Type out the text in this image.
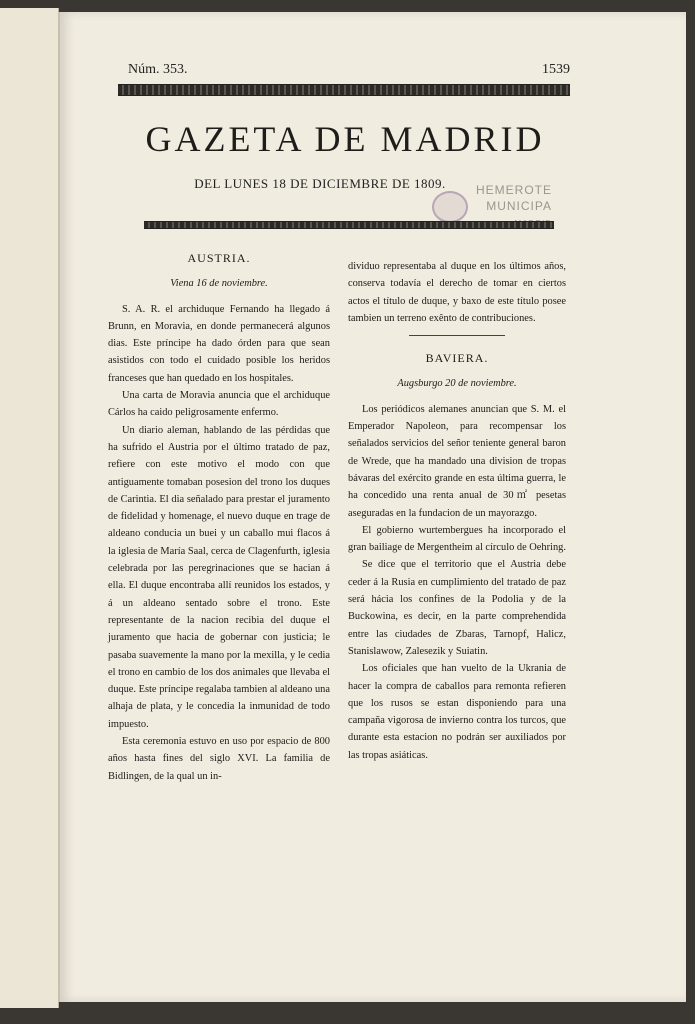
Núm. 353.	1539
GAZETA DE MADRID
DEL LUNES 18 DE DICIEMBRE DE 1809.	HEMEROTE
MUNICIPA
AUSTRIA.
Viena 16 de noviembre.

S. A. R. el archiduque Fernando ha llegado á Brunn, en Moravia, en donde permanecerá algunos dias. Este príncipe ha dado órden para que sean asistidos con todo el cuidado posible los heridos franceses que han quedado en los hospitales.

Una carta de Moravia anuncia que el archiduque Cárlos ha caido peligrosamente enfermo.

Un diario aleman, hablando de las pérdidas que ha sufrido el Austria por el último tratado de paz, refiere con este motivo el modo con que antiguamente tomaban posesion del trono los duques de Carintia. El dia señalado para prestar el juramento de fidelidad y homenage, el nuevo duque en trage de aldeano conducia un buei y un caballo mui flacos á la iglesia de María Saal, cerca de Clagenfurth, iglesia celebrada por las peregrinaciones que se hacian á ella. El duque encontraba allí reunidos los estados, y á un aldeano sentado sobre el trono. Este representante de la nacion recibia del duque el juramento que hacia de gobernar con justicia; le pasaba suavemente la mano por la mexilla, y le cedia el trono en cambio de los dos animales que llevaba el duque. Este príncipe regalaba tambien al aldeano una alhaja de plata, y le concedia la inmunidad de todo impuesto.

Esta ceremonia estuvo en uso por espacio de 800 años hasta fines del siglo XVI. La familia de Bidlingen, de la qual un in-

dividuo representaba al duque en los últimos años, conserva todavía el derecho de tomar en ciertos actos el título de duque, y baxo de este título posee tambien un terreno exênto de contribuciones.

BAVIERA.
Augsburgo 20 de noviembre.

Los periódicos alemanes anuncian que S. M. el Emperador Napoleon, para recompensar los señalados servicios del señor teniente general baron de Wrede, que ha mandado una division de tropas bávaras del exército grande en esta última guerra, le ha concedido una renta anual de 30㎡ pesetas aseguradas en la fundacion de un mayorazgo.

El gobierno wurtembergues ha incorporado el gran bailiage de Mergentheim al círculo de Oehring.

Se dice que el territorio que el Austria debe ceder á la Rusia en cumplimiento del tratado de paz será hácia los confines de la Podolia y de la Buckowina, es decir, en la parte comprehendida entre las ciudades de Zbaras, Tarnopf, Halicz, Stanislawow, Zalesezik y Suiatin.

Los oficiales que han vuelto de la Ukrania de hacer la compra de caballos para remonta refieren que los rusos se estan disponiendo para una campaña vigorosa de invierno contra los turcos, que durante esta estacion no podrán ser auxiliados por las tropas asiáticas.
